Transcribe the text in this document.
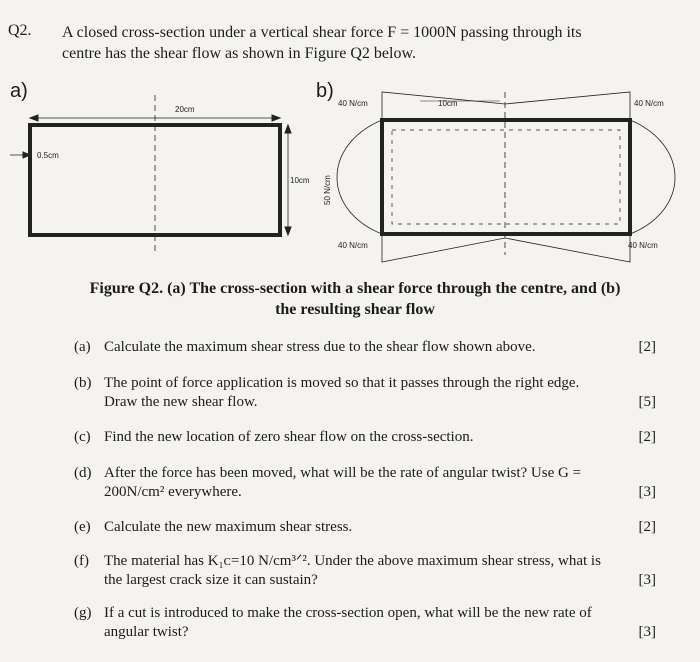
Q2. A closed cross-section under a vertical shear force F = 1000N passing through its
centre has the shear flow as shown in Figure Q2 below.
a)	b)
20cm
10cm
0.5cm
40 N/cm	10cm	40 N/cm
50 N/cm
40 N/cm	40 N/cm
Figure Q2. (a) The cross-section with a shear force through the centre, and (b)
the resulting shear flow
(a) Calculate the maximum shear stress due to the shear flow shown above.	[2]
(b) The point of force application is moved so that it passes through the right edge.
Draw the new shear flow.	[5]
(c) Find the new location of zero shear flow on the cross-section.	[2]
(d) After the force has been moved, what will be the rate of angular twist? Use G =
200N/cm² everywhere.	[3]
(e) Calculate the new maximum shear stress.	[2]
(f) The material has K₁ᴄ=10 N/cm³ᐟ². Under the above maximum shear stress, what is
the largest crack size it can sustain?	[3]
(g) If a cut is introduced to make the cross-section open, what will be the new rate of
angular twist?	[3]
